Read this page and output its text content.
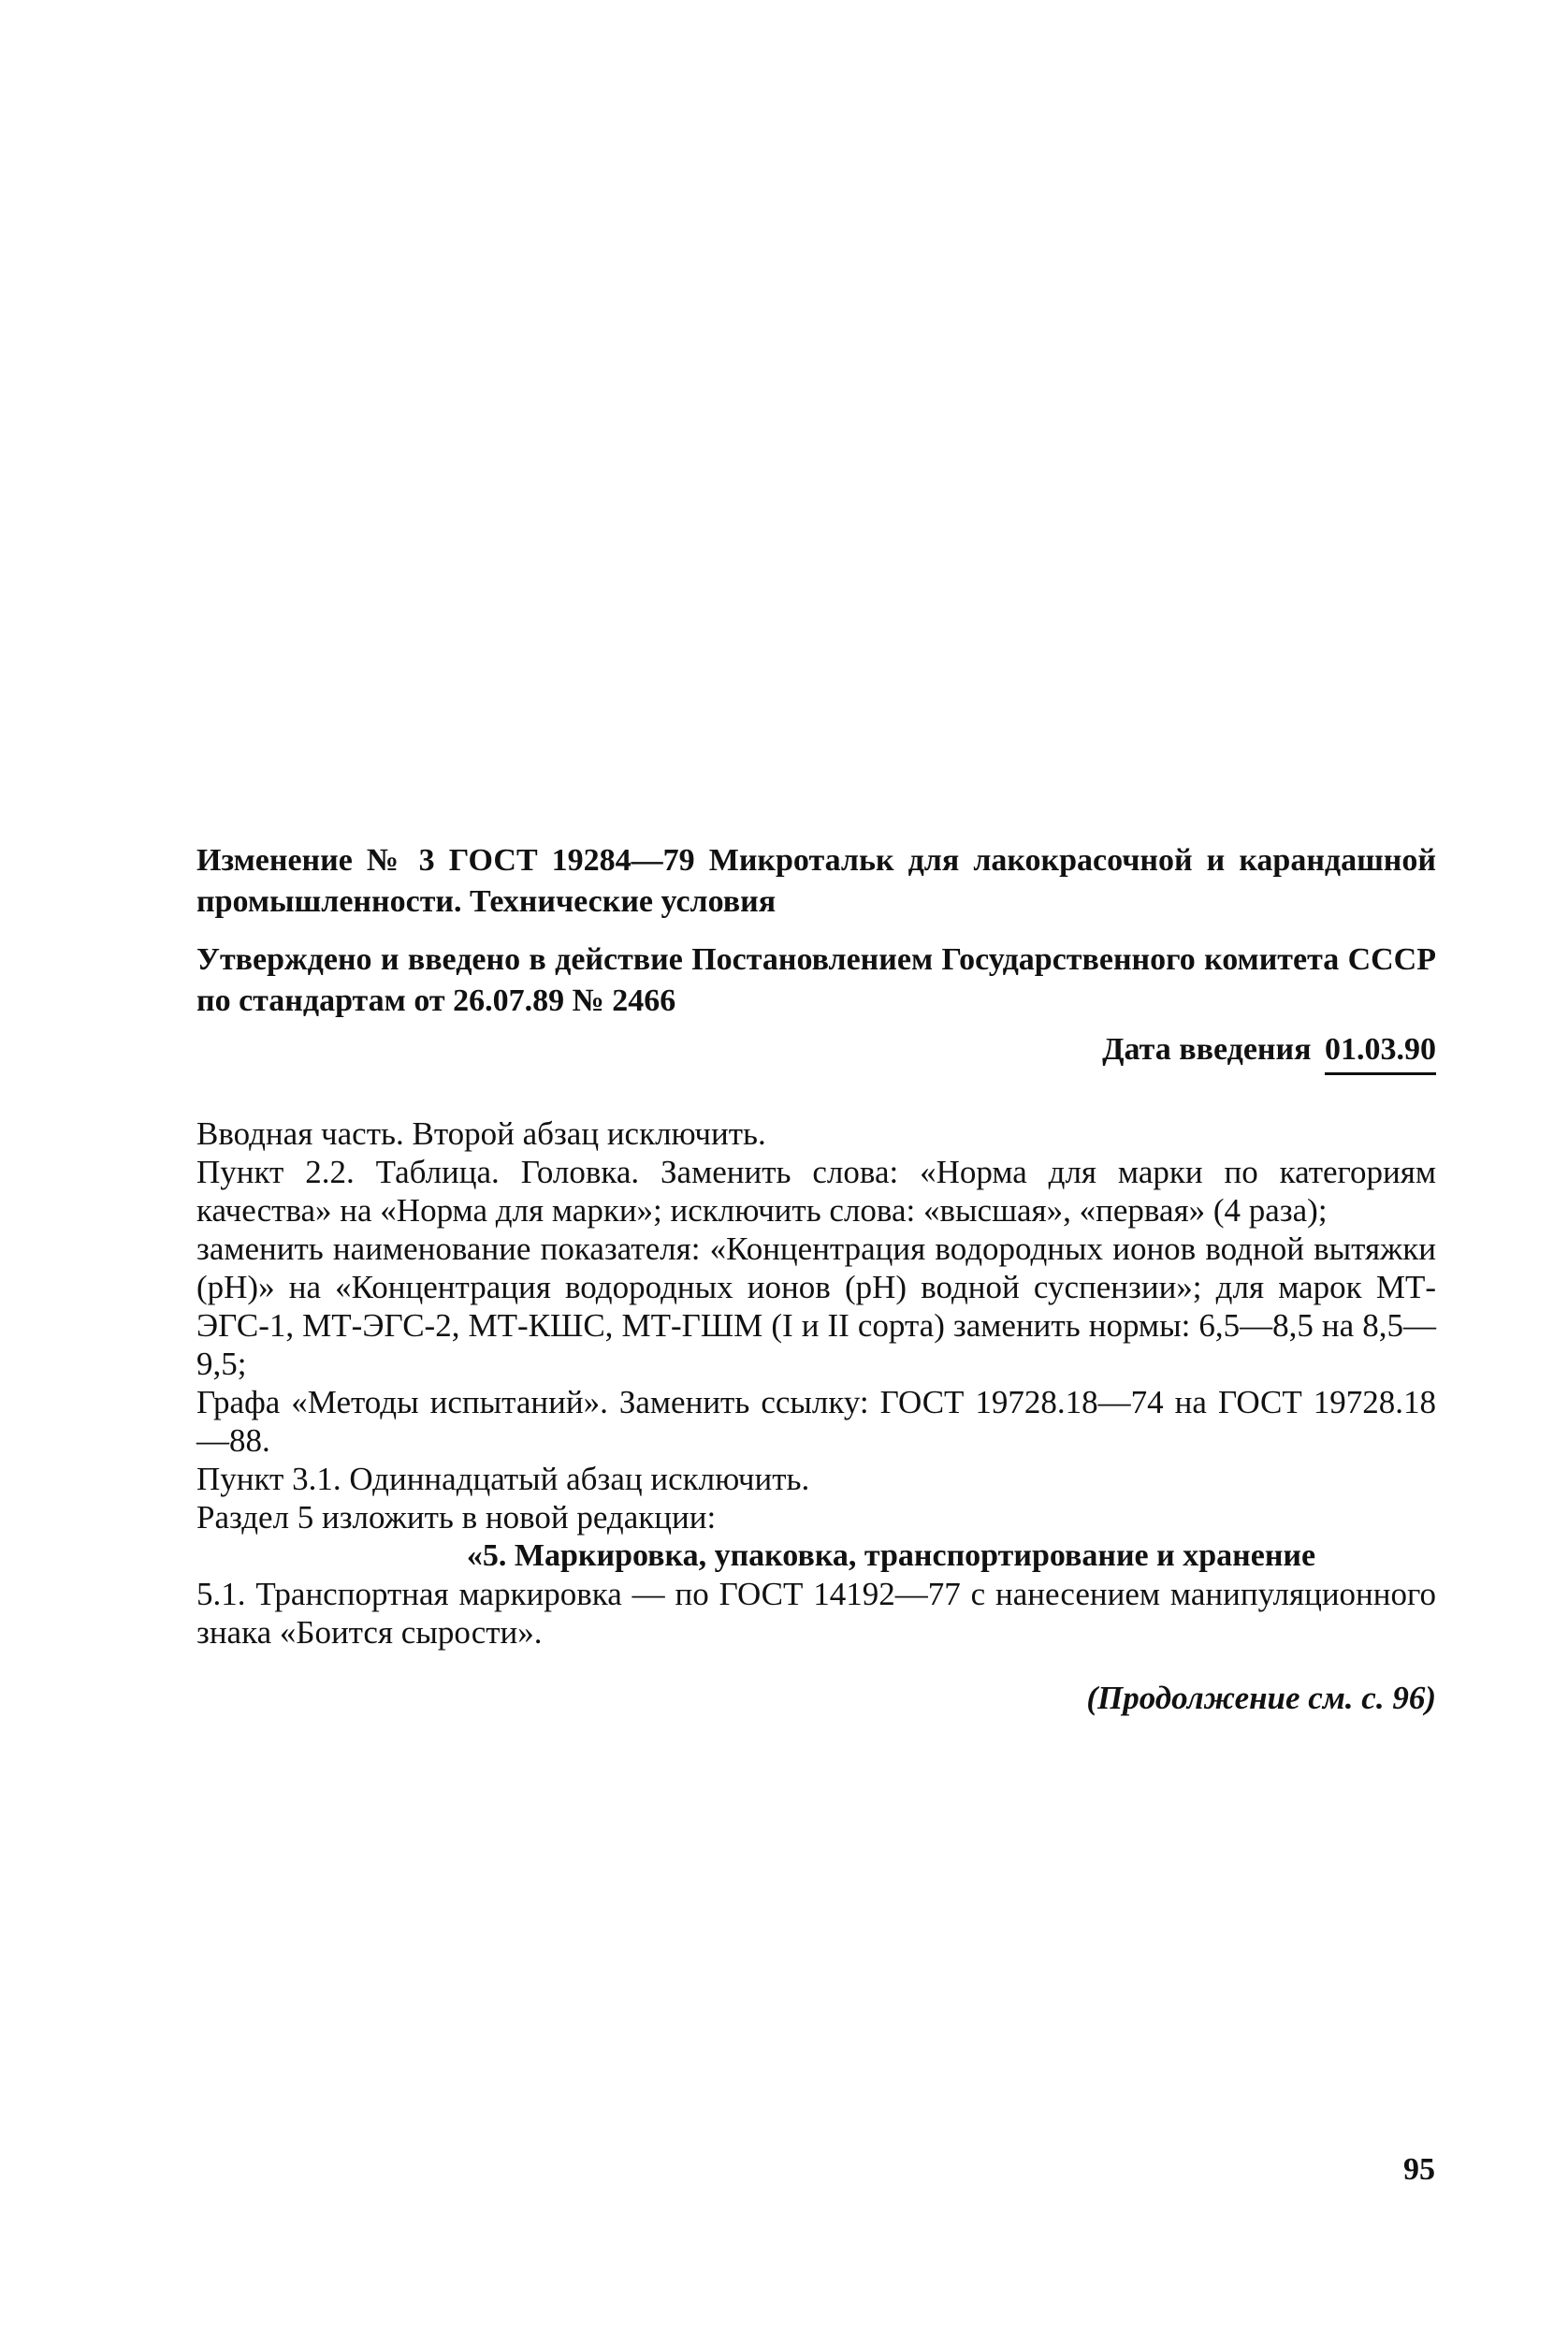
Изменение № 3 ГОСТ 19284—79 Микротальк для лакокрасочной и карандашной промышленности. Технические условия

Утверждено и введено в действие Постановлением Государственного комитета СССР по стандартам от 26.07.89 № 2466

Дата введения 01.03.90

Вводная часть. Второй абзац исключить.

Пункт 2.2. Таблица. Головка. Заменить слова: «Норма для марки по категориям качества» на «Норма для марки»; исключить слова: «высшая», «первая» (4 раза);

заменить наименование показателя: «Концентрация водородных ионов водной вытяжки (pH)» на «Концентрация водородных ионов (pH) водной суспензии»; для марок МТ-ЭГС-1, МТ-ЭГС-2, МТ-КШС, МТ-ГШМ (I и II сорта) заменить нормы: 6,5—8,5 на 8,5—9,5;

Графа «Методы испытаний». Заменить ссылку: ГОСТ 19728.18—74 на ГОСТ 19728.18—88.

Пункт 3.1. Одиннадцатый абзац исключить.

Раздел 5 изложить в новой редакции:

«5. Маркировка, упаковка, транспортирование и хранение

5.1. Транспортная маркировка — по ГОСТ 14192—77 с нанесением манипуляционного знака «Боится сырости».

(Продолжение см. с. 96)
95
